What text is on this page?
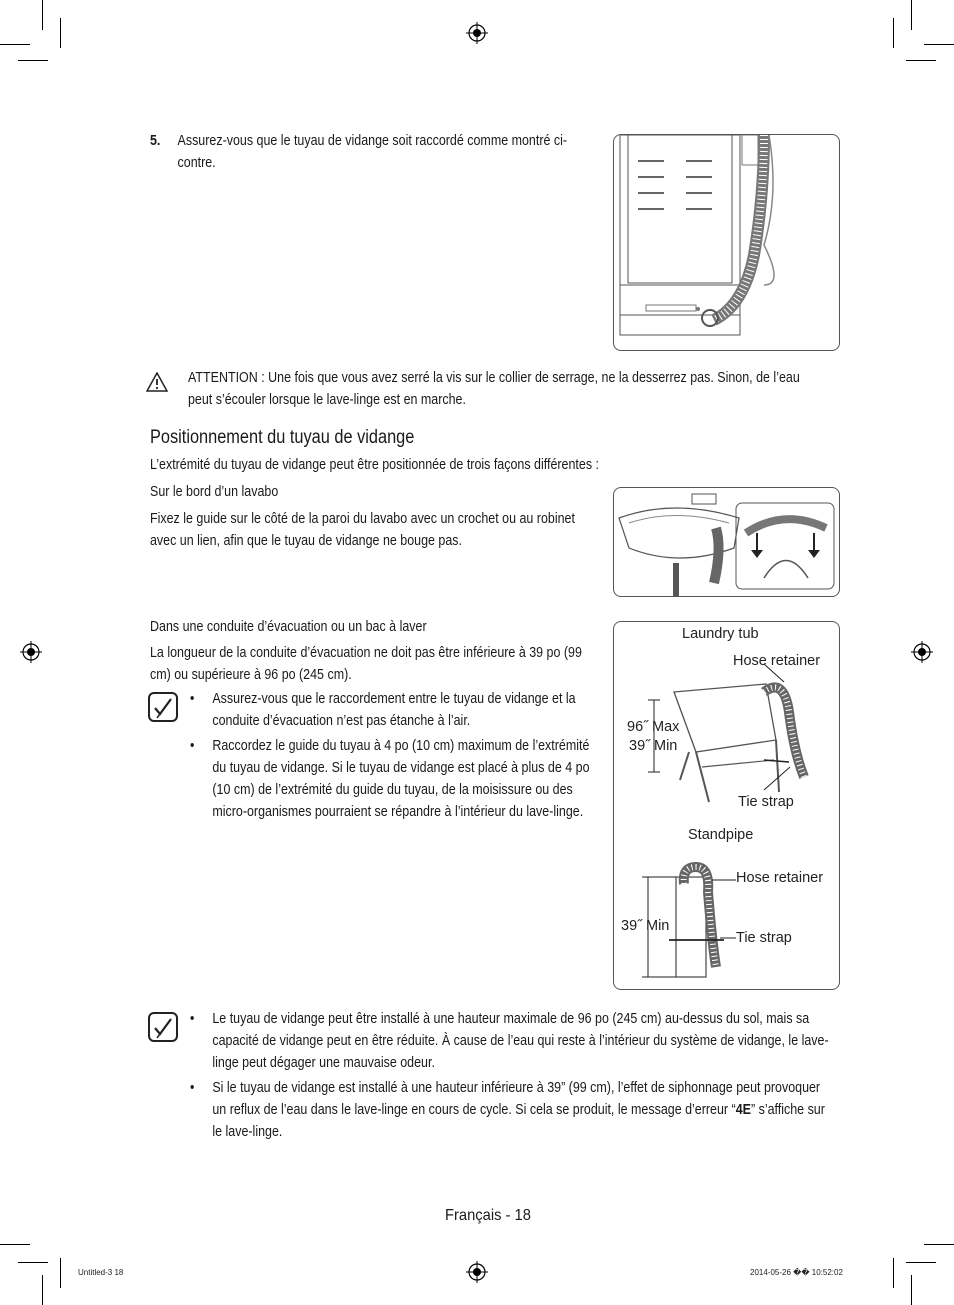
5.	Assurez-vous que le tuyau de vidange soit raccordé comme montré ci-contre.
ATTENTION : Une fois que vous avez serré la vis sur le collier de serrage, ne la desserrez pas. Sinon, de l’eau peut s’écouler lorsque le lave-linge est en marche.
Positionnement du tuyau de vidange
L’extrémité du tuyau de vidange peut être positionnée de trois façons différentes :
Sur le bord d’un lavabo
Fixez le guide sur le côté de la paroi du lavabo avec un crochet ou au robinet avec un lien, afin que le tuyau de vidange ne bouge pas.
Dans une conduite d’évacuation ou un bac à laver
La longueur de la conduite d’évacuation ne doit pas être inférieure à 39 po (99 cm) ou supérieure à 96 po (245 cm).
•	Assurez-vous que le raccordement entre le tuyau de vidange et la conduite d’évacuation n’est pas étanche à l’air.
•	Raccordez le guide du tuyau à 4 po (10 cm) maximum de l’extrémité du tuyau de vidange. Si le tuyau de vidange est placé à plus de 4 po (10 cm) de l’extrémité du guide du tuyau, de la moisissure ou des micro-organismes pourraient se répandre à l’intérieur du lave-linge.
Laundry tub
Hose retainer
96˝ Max
39˝ Min
Tie strap
Standpipe
Hose retainer
39˝ Min
Tie strap
•	Le tuyau de vidange peut être installé à une hauteur maximale de 96 po (245 cm) au-dessus du sol, mais sa capacité de vidange peut en être réduite. À cause de l’eau qui reste à l’intérieur du système de vidange, le lave-linge peut dégager une mauvaise odeur.
•	Si le tuyau de vidange est installé à une hauteur inférieure à 39” (99 cm), l’effet de siphonnage peut provoquer un reflux de l’eau dans le lave-linge en cours de cycle. Si cela se produit, le message d’erreur “4E” s’affiche sur le lave-linge.
Français - 18
Untitled-3 18	2014-05-26 �� 10:52:02
